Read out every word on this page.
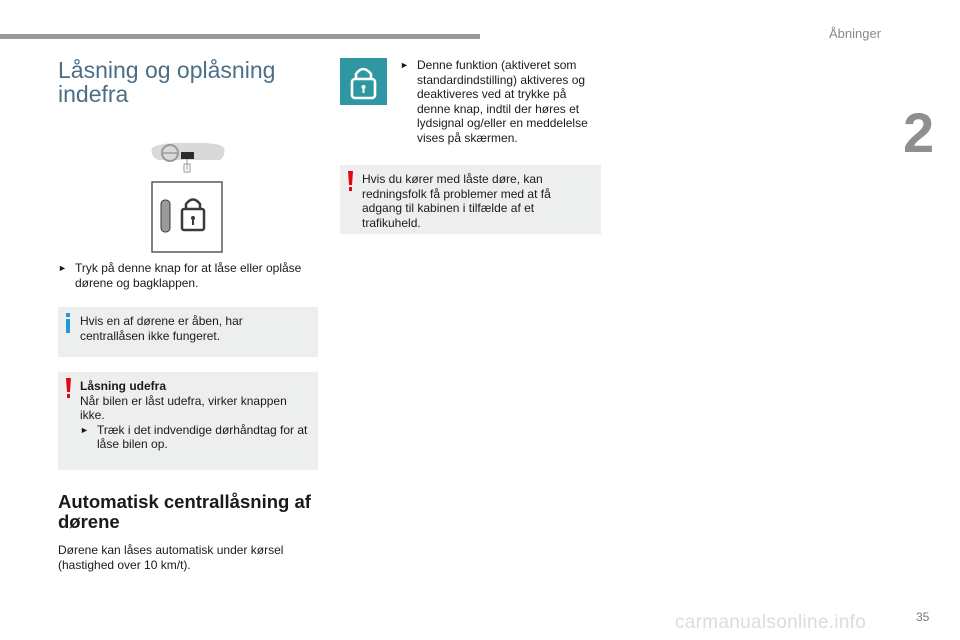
Åbninger
2
Låsning og oplåsning indefra
► Tryk på denne knap for at låse eller oplåse dørene og bagklappen.
Hvis en af dørene er åben, har centrallåsen ikke fungeret.
Låsning udefra
Når bilen er låst udefra, virker knappen ikke.
► Træk i det indvendige dørhåndtag for at låse bilen op.
Automatisk centrallåsning af dørene
Dørene kan låses automatisk under kørsel (hastighed over 10 km/t).
► Denne funktion (aktiveret som standardindstilling) aktiveres og deaktiveres ved at trykke på denne knap, indtil der høres et lydsignal og/eller en meddelelse vises på skærmen.
Hvis du kører med låste døre, kan redningsfolk få problemer med at få adgang til kabinen i tilfælde af et trafikuheld.
carmanualsonline.info	35
